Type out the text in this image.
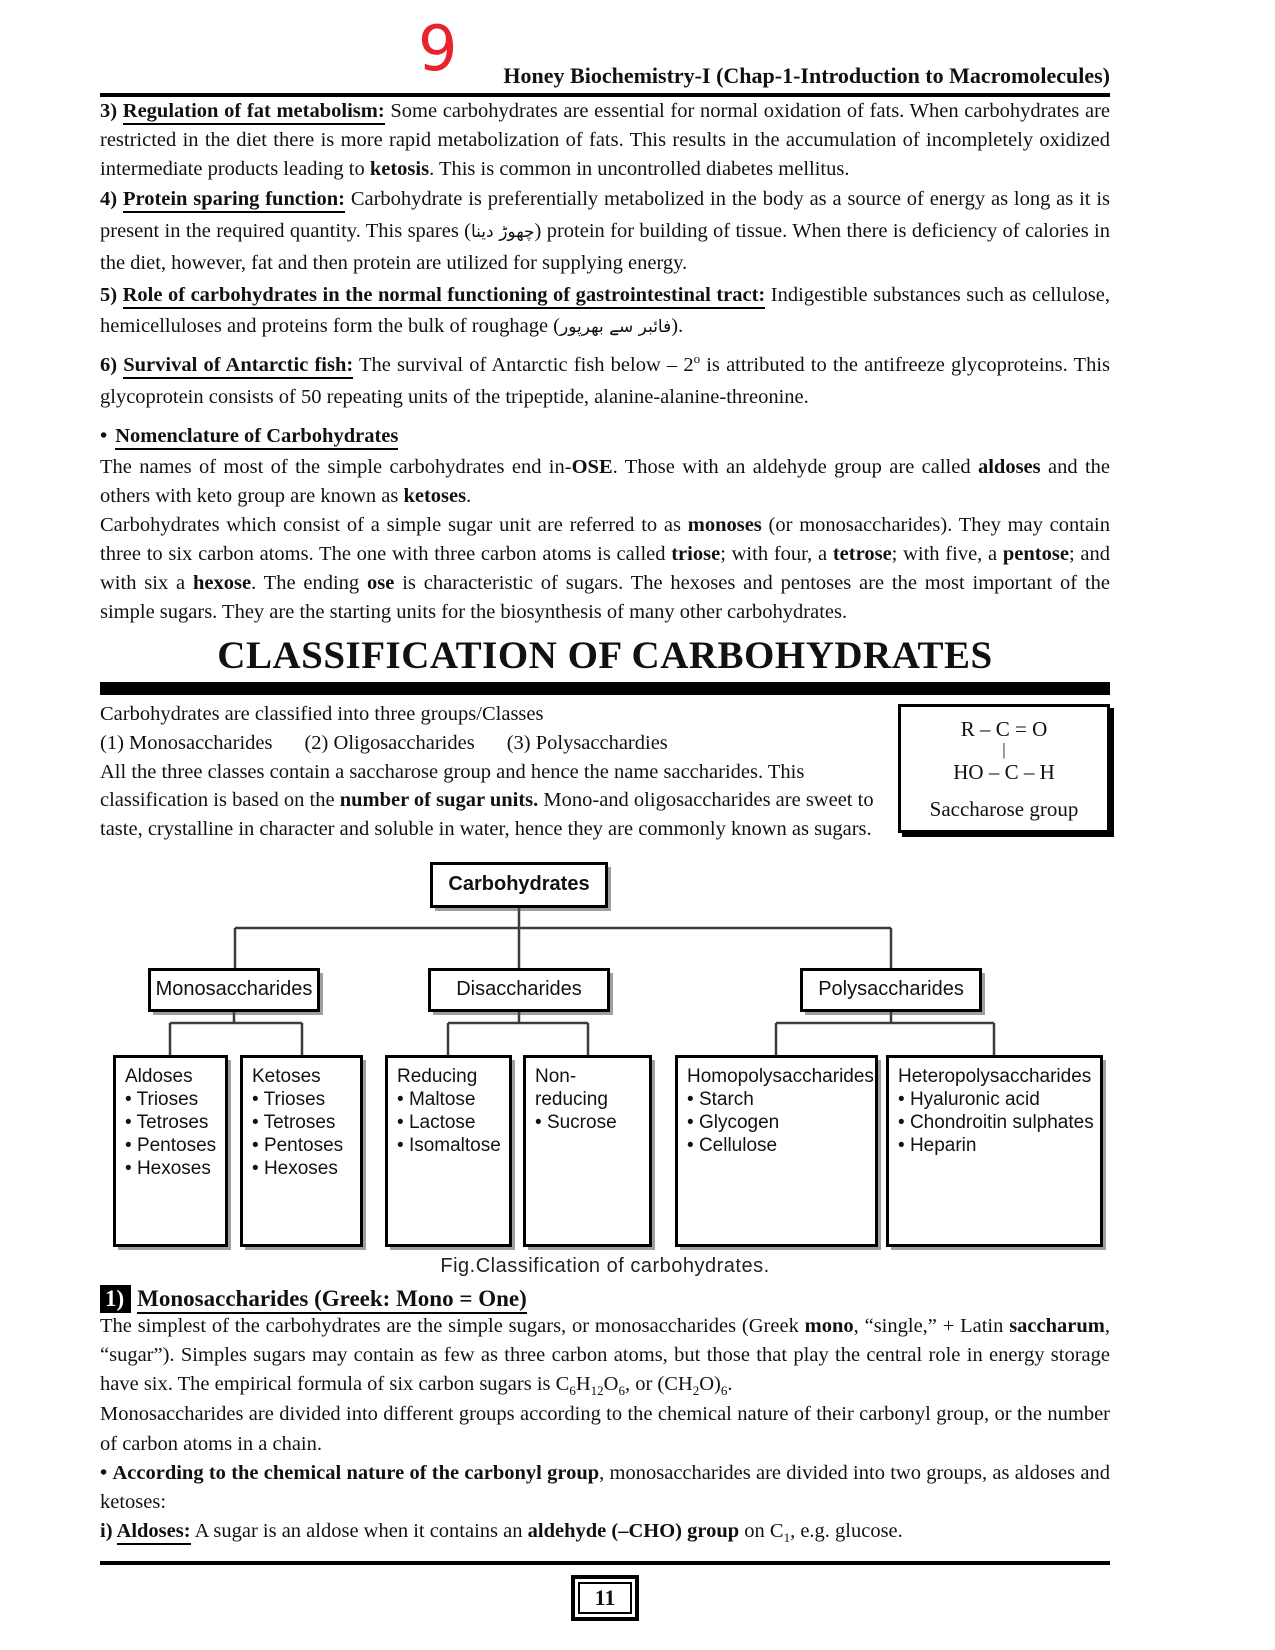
9 Honey Biochemistry-I (Chap-1-Introduction to Macromolecules)

3) Regulation of fat metabolism: Some carbohydrates are essential for normal oxidation of fats. When carbohydrates are restricted in the diet there is more rapid metabolization of fats. This results in the accumulation of incompletely oxidized intermediate products leading to ketosis. This is common in uncontrolled diabetes mellitus.

4) Protein sparing function: Carbohydrate is preferentially metabolized in the body as a source of energy as long as it is present in the required quantity. This spares (چھوڑ دینا) protein for building of tissue. When there is deficiency of calories in the diet, however, fat and then protein are utilized for supplying energy.

5) Role of carbohydrates in the normal functioning of gastrointestinal tract: Indigestible substances such as cellulose, hemicelluloses and proteins form the bulk of roughage (فائبر سے بھرپور).

6) Survival of Antarctic fish: The survival of Antarctic fish below – 2$^o$ is attributed to the antifreeze glycoproteins. This glycoprotein consists of 50 repeating units of the tripeptide, alanine-alanine-threonine.

• Nomenclature of Carbohydrates

The names of most of the simple carbohydrates end in-OSE. Those with an aldehyde group are called aldoses and the others with keto group are known as ketoses.

Carbohydrates which consist of a simple sugar unit are referred to as monoses (or monosaccharides). They may contain three to six carbon atoms. The one with three carbon atoms is called triose; with four, a tetrose; with five, a pentose; and with six a hexose. The ending ose is characteristic of sugars. The hexoses and pentoses are the most important of the simple sugars. They are the starting units for the biosynthesis of many other carbohydrates.

CLASSIFICATION OF CARBOHYDRATES
R – C = O
|
HO – C – H
Saccharose group
Carbohydrates are classified into three groups/Classes
(1) Monosaccharides (2) Oligosaccharides (3) Polysacchardies
All the three classes contain a saccharose group and hence the name saccharides. This classification is based on the number of sugar units. Mono-and oligosaccharides are sweet to taste, crystalline in character and soluble in water, hence they are commonly known as sugars.
Carbohydrates
Monosaccharides	Disaccharides	Polysaccharides
Aldoses
• Trioses
• Tetroses
• Pentoses
• Hexoses
Ketoses
• Trioses
• Tetroses
• Pentoses
• Hexoses
Reducing
• Maltose
• Lactose
• Isomaltose
Non-reducing
• Sucrose
Homopolysaccharides
• Starch
• Glycogen
• Cellulose
Heteropolysaccharides
• Hyaluronic acid
• Chondroitin sulphates
• Heparin
Fig.Classification of carbohydrates.
1) Monosaccharides (Greek: Mono = One)

The simplest of the carbohydrates are the simple sugars, or monosaccharides (Greek mono, “single,” + Latin saccharum, “sugar”). Simples sugars may contain as few as three carbon atoms, but those that play the central role in energy storage have six. The empirical formula of six carbon sugars is $C_6H_{12}O_6$, or $(CH_2O)_6$.

Monosaccharides are divided into different groups according to the chemical nature of their carbonyl group, or the number of carbon atoms in a chain.

• According to the chemical nature of the carbonyl group, monosaccharides are divided into two groups, as aldoses and ketoses:

i) Aldoses: A sugar is an aldose when it contains an aldehyde (–CHO) group on $C_1$, e.g. glucose.

11
